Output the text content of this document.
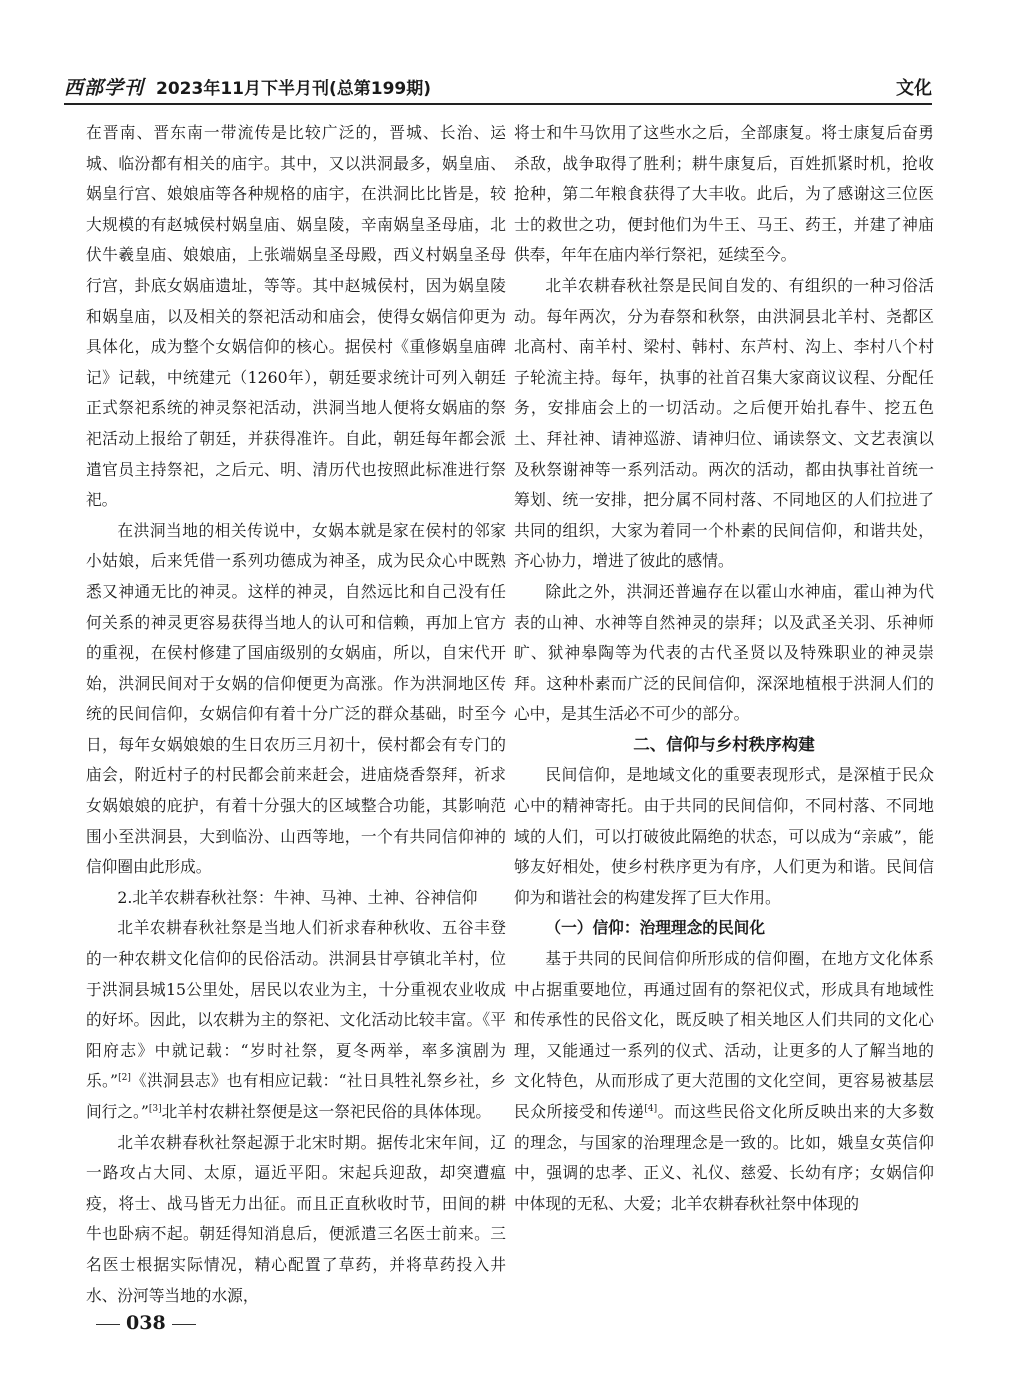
西部学刊 2023年11月下半月刊(总第199期)	文化

在晋南、晋东南一带流传是比较广泛的，晋城、长治、运城、临汾都有相关的庙宇。其中，又以洪洞最多，娲皇庙、娲皇行宫、娘娘庙等各种规格的庙宇，在洪洞比比皆是，较大规模的有赵城侯村娲皇庙、娲皇陵，辛南娲皇圣母庙，北伏牛羲皇庙、娘娘庙，上张端娲皇圣母殿，西义村娲皇圣母行宫，卦底女娲庙遗址，等等。其中赵城侯村，因为娲皇陵和娲皇庙，以及相关的祭祀活动和庙会，使得女娲信仰更为具体化，成为整个女娲信仰的核心。据侯村《重修娲皇庙碑记》记载，中统建元（1260年），朝廷要求统计可列入朝廷正式祭祀系统的神灵祭祀活动，洪洞当地人便将女娲庙的祭祀活动上报给了朝廷，并获得准许。自此，朝廷每年都会派遣官员主持祭祀，之后元、明、清历代也按照此标准进行祭祀。

在洪洞当地的相关传说中，女娲本就是家在侯村的邻家小姑娘，后来凭借一系列功德成为神圣，成为民众心中既熟悉又神通无比的神灵。这样的神灵，自然远比和自己没有任何关系的神灵更容易获得当地人的认可和信赖，再加上官方的重视，在侯村修建了国庙级别的女娲庙，所以，自宋代开始，洪洞民间对于女娲的信仰便更为高涨。作为洪洞地区传统的民间信仰，女娲信仰有着十分广泛的群众基础，时至今日，每年女娲娘娘的生日农历三月初十，侯村都会有专门的庙会，附近村子的村民都会前来赶会，进庙烧香祭拜，祈求女娲娘娘的庇护，有着十分强大的区域整合功能，其影响范围小至洪洞县，大到临汾、山西等地，一个有共同信仰神的信仰圈由此形成。

2.北羊农耕春秋社祭：牛神、马神、土神、谷神信仰

北羊农耕春秋社祭是当地人们祈求春种秋收、五谷丰登的一种农耕文化信仰的民俗活动。洪洞县甘亭镇北羊村，位于洪洞县城15公里处，居民以农业为主，十分重视农业收成的好坏。因此，以农耕为主的祭祀、文化活动比较丰富。《平阳府志》中就记载：“岁时社祭，夏冬两举，率多演剧为乐。”[2]《洪洞县志》也有相应记载：“社日具牲礼祭乡社，乡间行之。”[3]北羊村农耕社祭便是这一祭祀民俗的具体体现。

北羊农耕春秋社祭起源于北宋时期。据传北宋年间，辽一路攻占大同、太原，逼近平阳。宋起兵迎敌，却突遭瘟疫，将士、战马皆无力出征。而且正直秋收时节，田间的耕牛也卧病不起。朝廷得知消息后，便派遣三名医士前来。三名医士根据实际情况，精心配置了草药，并将草药投入井水、汾河等当地的水源，

将士和牛马饮用了这些水之后，全部康复。将士康复后奋勇杀敌，战争取得了胜利；耕牛康复后，百姓抓紧时机，抢收抢种，第二年粮食获得了大丰收。此后，为了感谢这三位医士的救世之功，便封他们为牛王、马王、药王，并建了神庙供奉，年年在庙内举行祭祀，延续至今。

北羊农耕春秋社祭是民间自发的、有组织的一种习俗活动。每年两次，分为春祭和秋祭，由洪洞县北羊村、尧都区北高村、南羊村、梁村、韩村、东芦村、沟上、李村八个村子轮流主持。每年，执事的社首召集大家商议议程、分配任务，安排庙会上的一切活动。之后便开始扎春牛、挖五色土、拜社神、请神巡游、请神归位、诵读祭文、文艺表演以及秋祭谢神等一系列活动。两次的活动，都由执事社首统一筹划、统一安排，把分属不同村落、不同地区的人们拉进了共同的组织，大家为着同一个朴素的民间信仰，和谐共处，齐心协力，增进了彼此的感情。

除此之外，洪洞还普遍存在以霍山水神庙，霍山神为代表的山神、水神等自然神灵的崇拜；以及武圣关羽、乐神师旷、狱神皋陶等为代表的古代圣贤以及特殊职业的神灵崇拜。这种朴素而广泛的民间信仰，深深地植根于洪洞人们的心中，是其生活必不可少的部分。

二、信仰与乡村秩序构建

民间信仰，是地域文化的重要表现形式，是深植于民众心中的精神寄托。由于共同的民间信仰，不同村落、不同地域的人们，可以打破彼此隔绝的状态，可以成为“亲戚”，能够友好相处，使乡村秩序更为有序，人们更为和谐。民间信仰为和谐社会的构建发挥了巨大作用。

（一）信仰：治理理念的民间化

基于共同的民间信仰所形成的信仰圈，在地方文化体系中占据重要地位，再通过固有的祭祀仪式，形成具有地域性和传承性的民俗文化，既反映了相关地区人们共同的文化心理，又能通过一系列的仪式、活动，让更多的人了解当地的文化特色，从而形成了更大范围的文化空间，更容易被基层民众所接受和传递[4]。而这些民俗文化所反映出来的大多数的理念，与国家的治理理念是一致的。比如，娥皇女英信仰中，强调的忠孝、正义、礼仪、慈爱、长幼有序；女娲信仰中体现的无私、大爱；北羊农耕春秋社祭中体现的

038
